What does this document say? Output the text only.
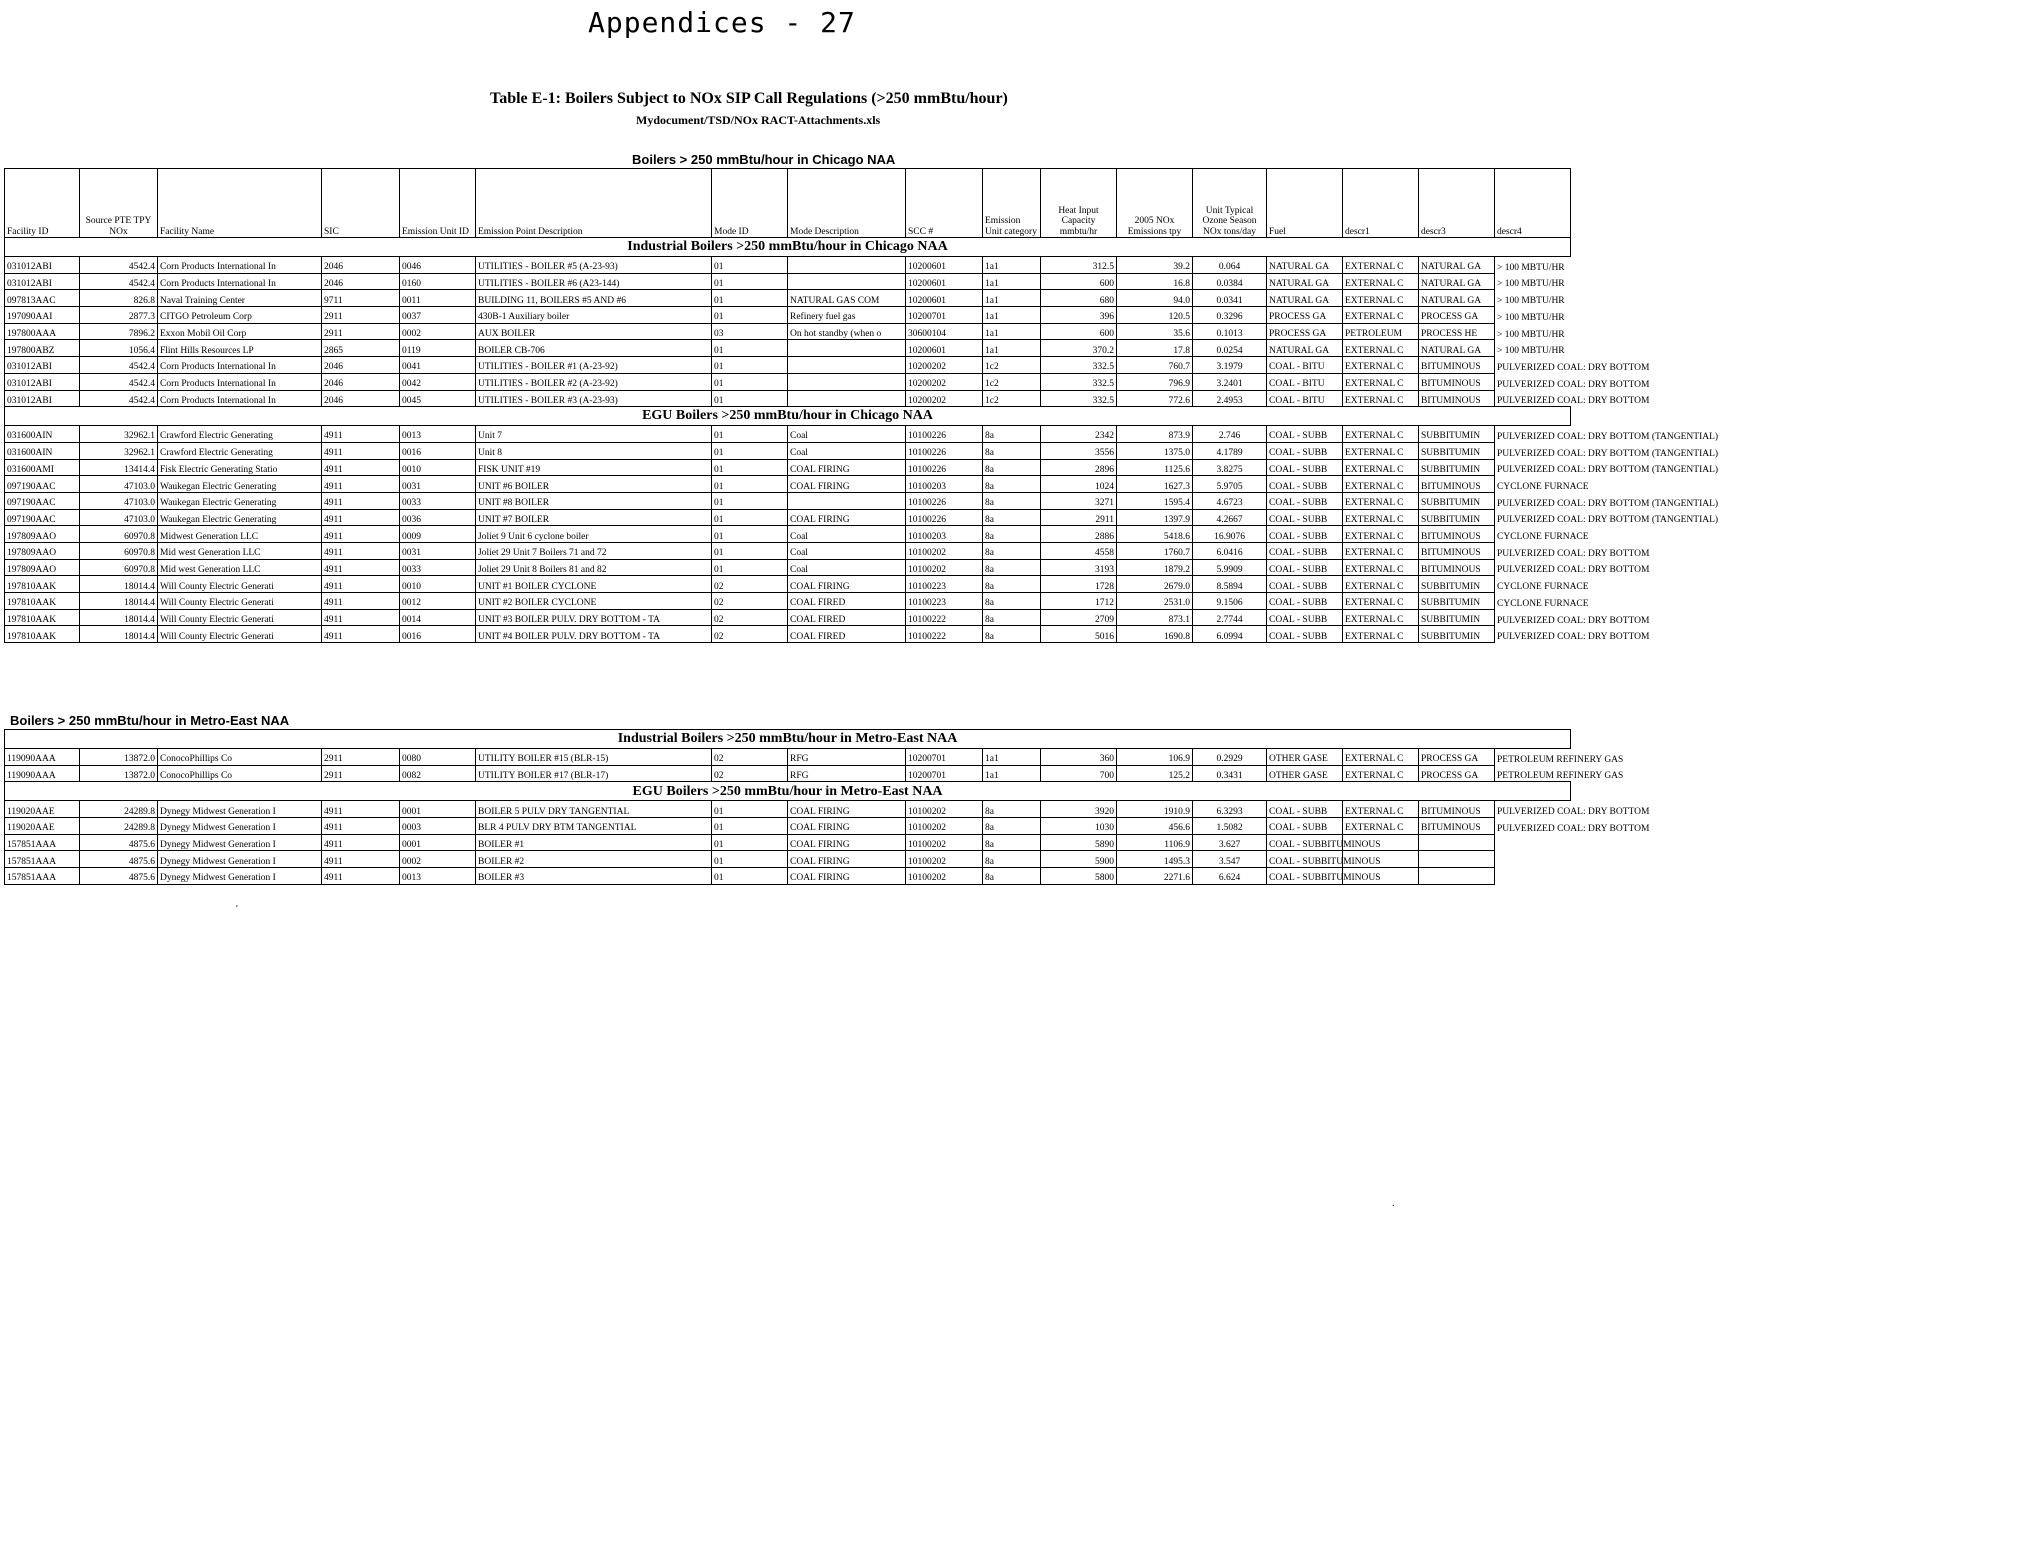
Appendices - 27
Table E-1: Boilers Subject to NOx SIP Call Regulations (>250 mmBtu/hour)
Mydocument/TSD/NOx RACT-Attachments.xls
Boilers > 250 mmBtu/hour in Chicago NAA
Facility ID	Source PTE TPY NOx	Facility Name	SIC	Emission Unit ID	Emission Point Description	Mode ID	Mode Description	SCC #	Emission Unit category	Heat Input Capacity mmbtu/hr	2005 NOx Emissions tpy	Unit Typical Ozone Season NOx tons/day	Fuel	descr1	descr3	descr4
Industrial Boilers >250 mmBtu/hour in Chicago NAA																
031012ABI	4542.4	Corn Products International In	2046	0046	UTILITIES - BOILER #5 (A-23-93)	01		10200601	1a1	312.5	39.2	0.064	NATURAL GA	EXTERNAL C	NATURAL GA	> 100 MBTU/HR
031012ABI	4542.4	Corn Products International In	2046	0160	UTILITIES - BOILER #6 (A23-144)	01		10200601	1a1	600	16.8	0.0384	NATURAL GA	EXTERNAL C	NATURAL GA	> 100 MBTU/HR
097813AAC	826.8	Naval Training Center	9711	0011	BUILDING 11, BOILERS #5 AND #6	01	NATURAL GAS COM	10200601	1a1	680	94.0	0.0341	NATURAL GA	EXTERNAL C	NATURAL GA	> 100 MBTU/HR
197090AAI	2877.3	CITGO Petroleum Corp	2911	0037	430B-1 Auxiliary boiler	01	Refinery fuel gas	10200701	1a1	396	120.5	0.3296	PROCESS GA	EXTERNAL C	PROCESS GA	> 100 MBTU/HR
197800AAA	7896.2	Exxon Mobil Oil Corp	2911	0002	AUX BOILER	03	On hot standby (when o	30600104	1a1	600	35.6	0.1013	PROCESS GA	PETROLEUM	PROCESS HE	> 100 MBTU/HR
197800ABZ	1056.4	Flint Hills Resources LP	2865	0119	BOILER CB-706	01		10200601	1a1	370.2	17.8	0.0254	NATURAL GA	EXTERNAL C	NATURAL GA	> 100 MBTU/HR
031012ABI	4542.4	Corn Products International In	2046	0041	UTILITIES - BOILER #1 (A-23-92)	01		10200202	1c2	332.5	760.7	3.1979	COAL - BITU	EXTERNAL C	BITUMINOUS	PULVERIZED COAL: DRY BOTTOM
031012ABI	4542.4	Corn Products International In	2046	0042	UTILITIES - BOILER #2 (A-23-92)	01		10200202	1c2	332.5	796.9	3.2401	COAL - BITU	EXTERNAL C	BITUMINOUS	PULVERIZED COAL: DRY BOTTOM
031012ABI	4542.4	Corn Products International In	2046	0045	UTILITIES - BOILER #3 (A-23-93)	01		10200202	1c2	332.5	772.6	2.4953	COAL - BITU	EXTERNAL C	BITUMINOUS	PULVERIZED COAL: DRY BOTTOM
EGU Boilers >250 mmBtu/hour in Chicago NAA																
031600AIN	32962.1	Crawford Electric Generating	4911	0013	Unit 7	01	Coal	10100226	8a	2342	873.9	2.746	COAL - SUBB	EXTERNAL C	SUBBITUMIN	PULVERIZED COAL: DRY BOTTOM (TANGENTIAL)
031600AIN	32962.1	Crawford Electric Generating	4911	0016	Unit 8	01	Coal	10100226	8a	3556	1375.0	4.1789	COAL - SUBB	EXTERNAL C	SUBBITUMIN	PULVERIZED COAL: DRY BOTTOM (TANGENTIAL)
031600AMI	13414.4	Fisk Electric Generating Statio	4911	0010	FISK UNIT #19	01	COAL FIRING	10100226	8a	2896	1125.6	3.8275	COAL - SUBB	EXTERNAL C	SUBBITUMIN	PULVERIZED COAL: DRY BOTTOM (TANGENTIAL)
097190AAC	47103.0	Waukegan Electric Generating	4911	0031	UNIT #6 BOILER	01	COAL FIRING	10100203	8a	1024	1627.3	5.9705	COAL - SUBB	EXTERNAL C	BITUMINOUS	CYCLONE FURNACE
097190AAC	47103.0	Waukegan Electric Generating	4911	0033	UNIT #8 BOILER	01		10100226	8a	3271	1595.4	4.6723	COAL - SUBB	EXTERNAL C	SUBBITUMIN	PULVERIZED COAL: DRY BOTTOM (TANGENTIAL)
097190AAC	47103.0	Waukegan Electric Generating	4911	0036	UNIT #7 BOILER	01	COAL FIRING	10100226	8a	2911	1397.9	4.2667	COAL - SUBB	EXTERNAL C	SUBBITUMIN	PULVERIZED COAL: DRY BOTTOM (TANGENTIAL)
197809AAO	60970.8	Midwest Generation LLC	4911	0009	Joliet 9 Unit 6 cyclone boiler	01	Coal	10100203	8a	2886	5418.6	16.9076	COAL - SUBB	EXTERNAL C	BITUMINOUS	CYCLONE FURNACE
197809AAO	60970.8	Mid west Generation LLC	4911	0031	Joliet 29 Unit 7 Boilers 71 and 72	01	Coal	10100202	8a	4558	1760.7	6.0416	COAL - SUBB	EXTERNAL C	BITUMINOUS	PULVERIZED COAL: DRY BOTTOM
197809AAO	60970.8	Mid west Generation LLC	4911	0033	Joliet 29 Unit 8 Boilers 81 and 82	01	Coal	10100202	8a	3193	1879.2	5.9909	COAL - SUBB	EXTERNAL C	BITUMINOUS	PULVERIZED COAL: DRY BOTTOM
197810AAK	18014.4	Will County Electric Generati	4911	0010	UNIT #1 BOILER CYCLONE	02	COAL FIRING	10100223	8a	1728	2679.0	8.5894	COAL - SUBB	EXTERNAL C	SUBBITUMIN	CYCLONE FURNACE
197810AAK	18014.4	Will County Electric Generati	4911	0012	UNIT #2 BOILER CYCLONE	02	COAL FIRED	10100223	8a	1712	2531.0	9.1506	COAL - SUBB	EXTERNAL C	SUBBITUMIN	CYCLONE FURNACE
197810AAK	18014.4	Will County Electric Generati	4911	0014	UNIT #3 BOILER PULV. DRY BOTTOM - TA	02	COAL FIRED	10100222	8a	2709	873.1	2.7744	COAL - SUBB	EXTERNAL C	SUBBITUMIN	PULVERIZED COAL: DRY BOTTOM
197810AAK	18014.4	Will County Electric Generati	4911	0016	UNIT #4 BOILER PULV. DRY BOTTOM - TA	02	COAL FIRED	10100222	8a	5016	1690.8	6.0994	COAL - SUBB	EXTERNAL C	SUBBITUMIN	PULVERIZED COAL: DRY BOTTOM
Boilers > 250 mmBtu/hour in Metro-East NAA
Industrial Boilers >250 mmBtu/hour in Metro-East NAA																
119090AAA	13872.0	ConocoPhillips Co	2911	0080	UTILITY BOILER #15 (BLR-15)	02	RFG	10200701	1a1	360	106.9	0.2929	OTHER GASE	EXTERNAL C	PROCESS GA	PETROLEUM REFINERY GAS
119090AAA	13872.0	ConocoPhillips Co	2911	0082	UTILITY BOILER #17 (BLR-17)	02	RFG	10200701	1a1	700	125.2	0.3431	OTHER GASE	EXTERNAL C	PROCESS GA	PETROLEUM REFINERY GAS
EGU Boilers >250 mmBtu/hour in Metro-East NAA																
119020AAE	24289.8	Dynegy Midwest Generation I	4911	0001	BOILER 5 PULV DRY TANGENTIAL	01	COAL FIRING	10100202	8a	3920	1910.9	6.3293	COAL - SUBB	EXTERNAL C	BITUMINOUS	PULVERIZED COAL: DRY BOTTOM
119020AAE	24289.8	Dynegy Midwest Generation I	4911	0003	BLR 4 PULV DRY BTM TANGENTIAL	01	COAL FIRING	10100202	8a	1030	456.6	1.5082	COAL - SUBB	EXTERNAL C	BITUMINOUS	PULVERIZED COAL: DRY BOTTOM
157851AAA	4875.6	Dynegy Midwest Generation I	4911	0001	BOILER #1	01	COAL FIRING	10100202	8a	5890	1106.9	3.627	COAL - SUBBITUMINOUS			
157851AAA	4875.6	Dynegy Midwest Generation I	4911	0002	BOILER #2	01	COAL FIRING	10100202	8a	5900	1495.3	3.547	COAL - SUBBITUMINOUS			
157851AAA	4875.6	Dynegy Midwest Generation I	4911	0013	BOILER #3	01	COAL FIRING	10100202	8a	5800	2271.6	6.624	COAL - SUBBITUMINOUS			
'
.
